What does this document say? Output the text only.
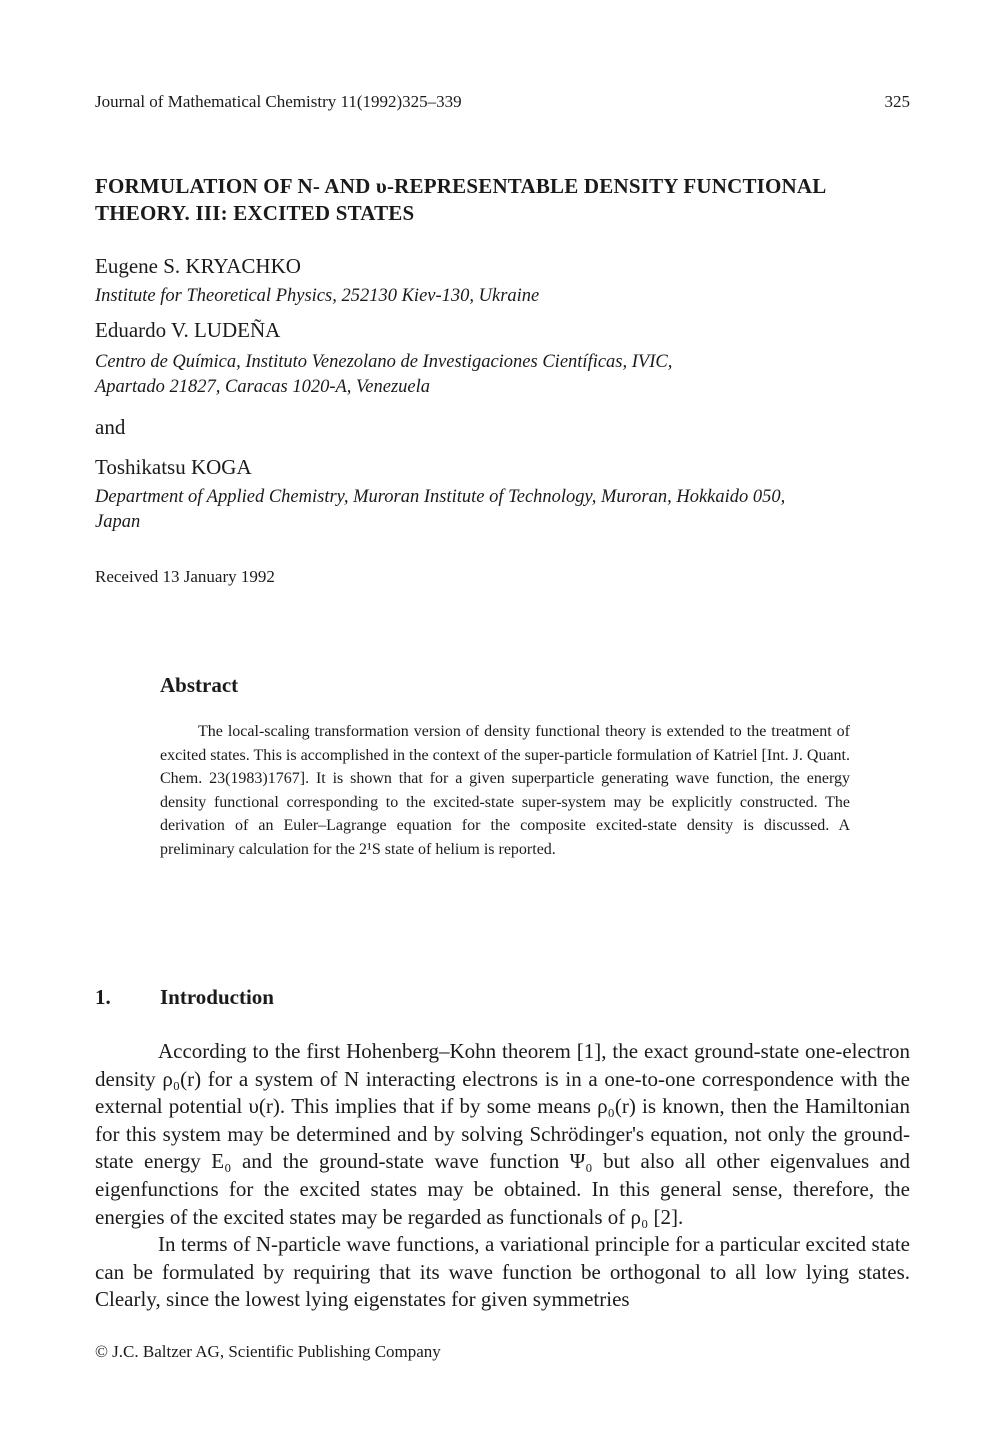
Journal of Mathematical Chemistry 11(1992)325–339	325
FORMULATION OF N- AND υ-REPRESENTABLE DENSITY FUNCTIONAL
THEORY. III: EXCITED STATES
Eugene S. KRYACHKO
Institute for Theoretical Physics, 252130 Kiev-130, Ukraine
Eduardo V. LUDEÑA
Centro de Química, Instituto Venezolano de Investigaciones Científicas, IVIC,
Apartado 21827, Caracas 1020-A, Venezuela
and
Toshikatsu KOGA
Department of Applied Chemistry, Muroran Institute of Technology, Muroran, Hokkaido 050,
Japan
Received 13 January 1992
Abstract

The local-scaling transformation version of density functional theory is extended to the treatment of excited states. This is accomplished in the context of the super-particle formulation of Katriel [Int. J. Quant. Chem. 23(1983)1767]. It is shown that for a given superparticle generating wave function, the energy density functional corresponding to the excited-state super-system may be explicitly constructed. The derivation of an Euler–Lagrange equation for the composite excited-state density is discussed. A preliminary calculation for the 2¹S state of helium is reported.

1. Introduction

According to the first Hohenberg–Kohn theorem [1], the exact ground-state one-electron density ρ₀(r) for a system of N interacting electrons is in a one-to-one correspondence with the external potential υ(r). This implies that if by some means ρ₀(r) is known, then the Hamiltonian for this system may be determined and by solving Schrödinger's equation, not only the ground-state energy E₀ and the ground-state wave function Ψ₀ but also all other eigenvalues and eigenfunctions for the excited states may be obtained. In this general sense, therefore, the energies of the excited states may be regarded as functionals of ρ₀ [2].

In terms of N-particle wave functions, a variational principle for a particular excited state can be formulated by requiring that its wave function be orthogonal to all low lying states. Clearly, since the lowest lying eigenstates for given symmetries

© J.C. Baltzer AG, Scientific Publishing Company
